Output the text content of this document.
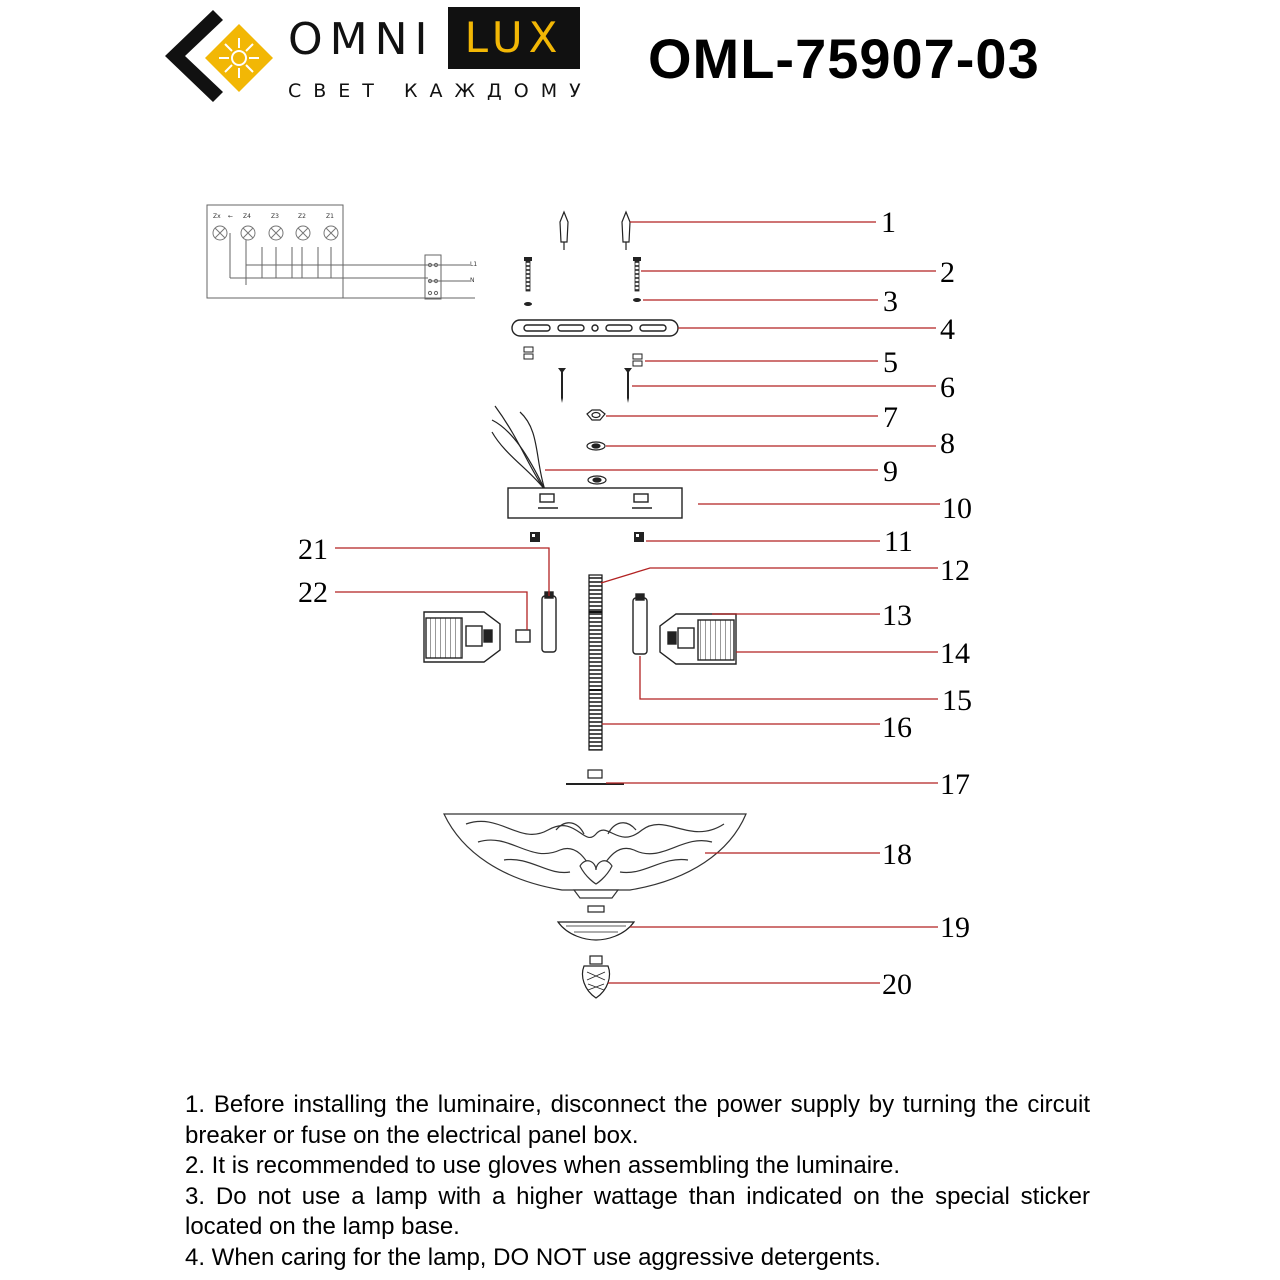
OMNI LUX
СВЕТ КАЖДОМУ
OML-75907-03
Zx ← Z4	Z3	Z2	Z1
L1
N
1
2
3
4
5
6
7
8
9
10
11
12
13
14
15
16
17
18
19
20
21
22

1. Before installing the luminaire, disconnect the power supply by turning the circuit breaker or fuse on the electrical panel box.

2. It is recommended to use gloves when assembling the luminaire.

3. Do not use a lamp with a higher wattage than indicated on the special sticker located on the lamp base.

4. When caring for the lamp, DO NOT use aggressive detergents.
